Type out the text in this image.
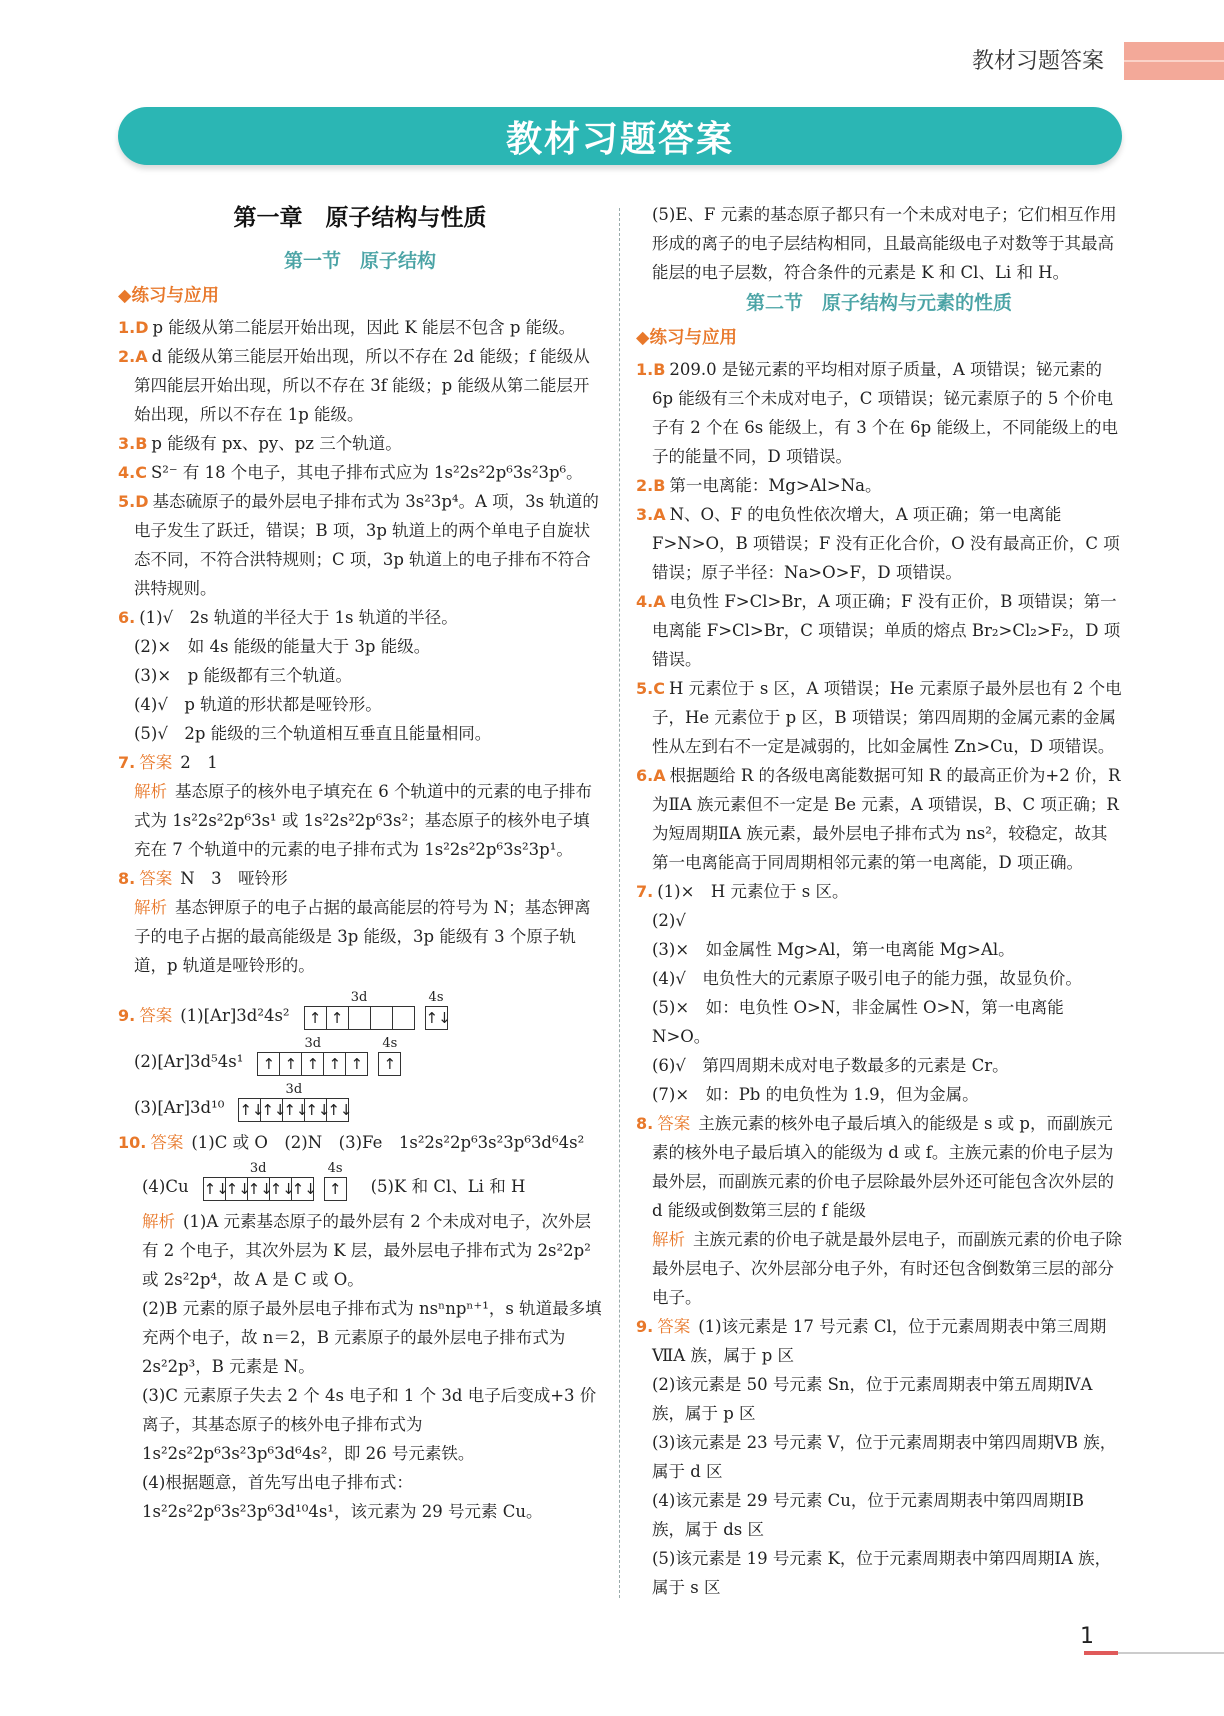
教材习题答案
教材习题答案
第一章　原子结构与性质
第一节　原子结构
◆练习与应用

1.D p 能级从第二能层开始出现，因此 K 能层不包含 p 能级。

2.A d 能级从第三能层开始出现，所以不存在 2d 能级；f 能级从第四能层开始出现，所以不存在 3f 能级；p 能级从第二能层开始出现，所以不存在 1p 能级。

3.B p 能级有 px、py、pz 三个轨道。

4.C S²⁻ 有 18 个电子，其电子排布式应为 1s²2s²2p⁶3s²3p⁶。

5.D 基态硫原子的最外层电子排布式为 3s²3p⁴。A 项，3s 轨道的电子发生了跃迁，错误；B 项，3p 轨道上的两个单电子自旋状态不同，不符合洪特规则；C 项，3p 轨道上的电子排布不符合洪特规则。

6. (1)√　2s 轨道的半径大于 1s 轨道的半径。

(2)×　如 4s 能级的能量大于 3p 能级。

(3)×　p 能级都有三个轨道。

(4)√　p 轨道的形状都是哑铃形。

(5)√　2p 能级的三个轨道相互垂直且能量相同。

7. 答案 2　1

解析 基态原子的核外电子填充在 6 个轨道中的元素的电子排布式为 1s²2s²2p⁶3s¹ 或 1s²2s²2p⁶3s²；基态原子的核外电子填充在 7 个轨道中的元素的电子排布式为 1s²2s²2p⁶3s²3p¹。

8. 答案 N　3　哑铃形

解析 基态钾原子的电子占据的最高能层的符号为 N；基态钾离子的电子占据的最高能级是 3p 能级，3p 能级有 3 个原子轨道，p 轨道是哑铃形的。

9. 答案 (1)[Ar]3d²4s²
3d
↑ ↑
4s
↑↓
(2)[Ar]3d⁵4s¹
3d
↑ ↑ ↑ ↑ ↑
4s
↑
(3)[Ar]3d¹⁰
3d
↑↓
↑↓
↑↓
↑↓
↑↓

10. 答案 (1)C 或 O　(2)N　(3)Fe　1s²2s²2p⁶3s²3p⁶3d⁶4s²

(4)Cu
3d
↑↓
↑↓
↑↓
↑↓
↑↓
4s
↑ (5)K 和 Cl、Li 和 H

解析 (1)A 元素基态原子的最外层有 2 个未成对电子，次外层有 2 个电子，其次外层为 K 层，最外层电子排布式为 2s²2p² 或 2s²2p⁴，故 A 是 C 或 O。

(2)B 元素的原子最外层电子排布式为 nsⁿnpⁿ⁺¹，s 轨道最多填充两个电子，故 n＝2，B 元素原子的最外层电子排布式为 2s²2p³，B 元素是 N。

(3)C 元素原子失去 2 个 4s 电子和 1 个 3d 电子后变成+3 价离子，其基态原子的核外电子排布式为 1s²2s²2p⁶3s²3p⁶3d⁶4s²，即 26 号元素铁。

(4)根据题意，首先写出电子排布式：1s²2s²2p⁶3s²3p⁶3d¹⁰4s¹，该元素为 29 号元素 Cu。

(5)E、F 元素的基态原子都只有一个未成对电子；它们相互作用形成的离子的电子层结构相同，且最高能级电子对数等于其最高能层的电子层数，符合条件的元素是 K 和 Cl、Li 和 H。

第二节　原子结构与元素的性质
◆练习与应用

1.B 209.0 是铋元素的平均相对原子质量，A 项错误；铋元素的 6p 能级有三个未成对电子，C 项错误；铋元素原子的 5 个价电子有 2 个在 6s 能级上，有 3 个在 6p 能级上，不同能级上的电子的能量不同，D 项错误。

2.B 第一电离能：Mg>Al>Na。

3.A N、O、F 的电负性依次增大，A 项正确；第一电离能 F>N>O，B 项错误；F 没有正化合价，O 没有最高正价，C 项错误；原子半径：Na>O>F，D 项错误。

4.A 电负性 F>Cl>Br，A 项正确；F 没有正价，B 项错误；第一电离能 F>Cl>Br，C 项错误；单质的熔点 Br₂>Cl₂>F₂，D 项错误。

5.C H 元素位于 s 区，A 项错误；He 元素原子最外层也有 2 个电子，He 元素位于 p 区，B 项错误；第四周期的金属元素的金属性从左到右不一定是减弱的，比如金属性 Zn>Cu，D 项错误。

6.A 根据题给 R 的各级电离能数据可知 R 的最高正价为+2 价，R 为ⅡA 族元素但不一定是 Be 元素，A 项错误，B、C 项正确；R 为短周期ⅡA 族元素，最外层电子排布式为 ns²，较稳定，故其第一电离能高于同周期相邻元素的第一电离能，D 项正确。

7. (1)×　H 元素位于 s 区。

(2)√

(3)×　如金属性 Mg>Al，第一电离能 Mg>Al。

(4)√　电负性大的元素原子吸引电子的能力强，故显负价。

(5)×　如：电负性 O>N，非金属性 O>N，第一电离能 N>O。

(6)√　第四周期未成对电子数最多的元素是 Cr。

(7)×　如：Pb 的电负性为 1.9，但为金属。

8. 答案 主族元素的核外电子最后填入的能级是 s 或 p，而副族元素的核外电子最后填入的能级为 d 或 f。主族元素的价电子层为最外层，而副族元素的价电子层除最外层外还可能包含次外层的 d 能级或倒数第三层的 f 能级

解析 主族元素的价电子就是最外层电子，而副族元素的价电子除最外层电子、次外层部分电子外，有时还包含倒数第三层的部分电子。

9. 答案 (1)该元素是 17 号元素 Cl，位于元素周期表中第三周期ⅦA 族，属于 p 区

(2)该元素是 50 号元素 Sn，位于元素周期表中第五周期ⅣA 族，属于 p 区

(3)该元素是 23 号元素 V，位于元素周期表中第四周期ⅤB 族，属于 d 区

(4)该元素是 29 号元素 Cu，位于元素周期表中第四周期ⅠB 族，属于 ds 区

(5)该元素是 19 号元素 K，位于元素周期表中第四周期ⅠA 族，属于 s 区

1
